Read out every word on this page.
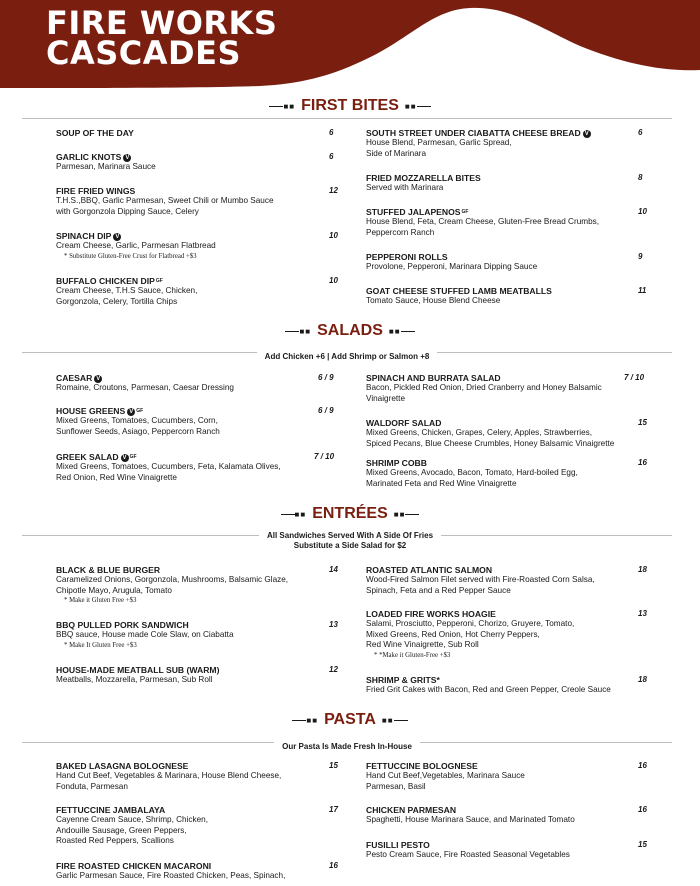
FIRE WORKS
CASCADES
■■ FIRST BITES ■■
SOUP OF THE DAY	6
GARLIC KNOTS V	6
Parmesan, Marinara Sauce
FIRE FRIED WINGS	12
T.H.S.,BBQ, Garlic Parmesan, Sweet Chili or Mumbo Sauce
with Gorgonzola Dipping Sauce, Celery
SPINACH DIP V	10
Cream Cheese, Garlic, Parmesan Flatbread
* Substitute Gluten-Free Crust for Flatbread +$3
BUFFALO CHICKEN $DIP^{GF}$	10
Cream Cheese, T.H.S Sauce, Chicken,
Gorgonzola, Celery, Tortilla Chips
SOUTH STREET UNDER CIABATTA CHEESE BREAD V	6
House Blend, Parmesan, Garlic Spread,
Side of Marinara
FRIED MOZZARELLA BITES	8
Served with Marinara
STUFFED $JALAPENOS^{GF}$	10
House Blend, Feta, Cream Cheese, Gluten-Free Bread Crumbs,
Peppercorn Ranch
PEPPERONI ROLLS	9
Provolone, Pepperoni, Marinara Dipping Sauce
GOAT CHEESE STUFFED LAMB MEATBALLS	11
Tomato Sauce, House Blend Cheese
■■ SALADS ■■
Add Chicken +6 | Add Shrimp or Salmon +8
CAESAR V	6 / 9
Romaine, Croutons, Parmesan, Caesar Dressing
HOUSE GREENS V $^{GF}$	6 / 9
Mixed Greens, Tomatoes, Cucumbers, Corn,
Sunflower Seeds, Asiago, Peppercorn Ranch
GREEK SALAD V $^{GF}$	7 / 10
Mixed Greens, Tomatoes, Cucumbers, Feta, Kalamata Olives,
Red Onion, Red Wine Vinaigrette
SPINACH AND BURRATA SALAD	7 / 10
Bacon, Pickled Red Onion, Dried Cranberry and Honey Balsamic
Vinaigrette
WALDORF SALAD	15
Mixed Greens, Chicken, Grapes, Celery, Apples, Strawberries,
Spiced Pecans, Blue Cheese Crumbles, Honey Balsamic Vinaigrette
SHRIMP COBB	16
Mixed Greens, Avocado, Bacon, Tomato, Hard-boiled Egg,
Marinated Feta and Red Wine Vinaigrette
■■ ENTRÉES ■■
All Sandwiches Served With A Side Of Fries
Substitute a Side Salad for $2
BLACK & BLUE BURGER	14
Caramelized Onions, Gorgonzola, Mushrooms, Balsamic Glaze,
Chipotle Mayo, Arugula, Tomato
* Make it Gluten Free +$3
BBQ PULLED PORK SANDWICH	13
BBQ sauce, House made Cole Slaw, on Ciabatta
* Make It Gluten Free +$3
HOUSE-MADE MEATBALL SUB (WARM)	12
Meatballs, Mozzarella, Parmesan, Sub Roll
ROASTED ATLANTIC SALMON	18
Wood-Fired Salmon Filet served with Fire-Roasted Corn Salsa,
Spinach, Feta and a Red Pepper Sauce
LOADED FIRE WORKS HOAGIE	13
Salami, Prosciutto, Pepperoni, Chorizo, Gruyere, Tomato,
Mixed Greens, Red Onion, Hot Cherry Peppers,
Red Wine Vinaigrette, Sub Roll
* *Make it Gluten-Free +$3
SHRIMP & GRITS*	18
Fried Grit Cakes with Bacon, Red and Green Pepper, Creole Sauce
■■ PASTA ■■
Our Pasta Is Made Fresh In-House
BAKED LASAGNA BOLOGNESE	15
Hand Cut Beef, Vegetables & Marinara, House Blend Cheese,
Fonduta, Parmesan
FETTUCCINE JAMBALAYA	17
Cayenne Cream Sauce, Shrimp, Chicken,
Andouille Sausage, Green Peppers,
Roasted Red Peppers, Scallions
FIRE ROASTED CHICKEN MACARONI	16
Garlic Parmesan Sauce, Fire Roasted Chicken, Peas, Spinach,
FETTUCCINE BOLOGNESE	16
Hand Cut Beef,Vegetables, Marinara Sauce
Parmesan, Basil
CHICKEN PARMESAN	16
Spaghetti, House Marinara Sauce, and Marinated Tomato
FUSILLI PESTO	15
Pesto Cream Sauce, Fire Roasted Seasonal Vegetables
